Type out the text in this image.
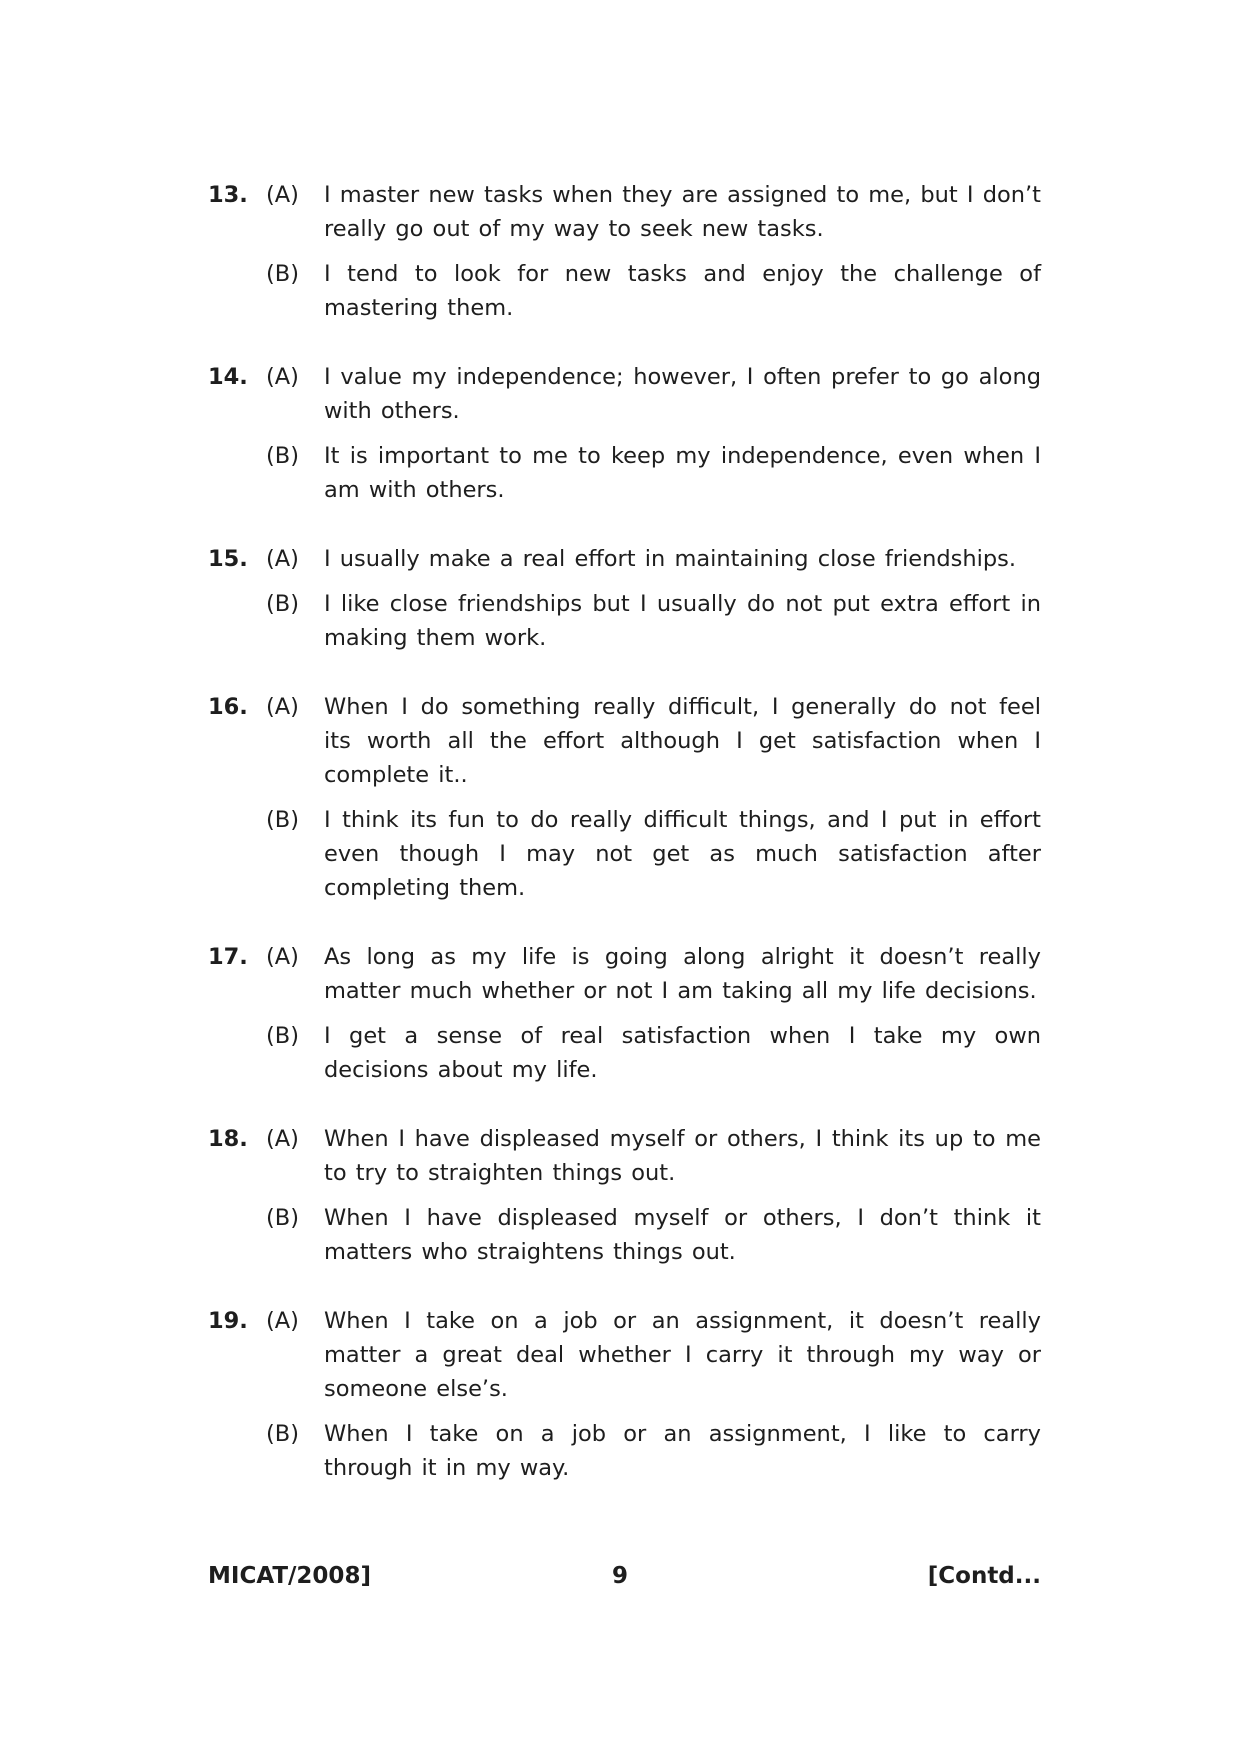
13. (A)	I master new tasks when they are assigned to me, but I don’t really go out of my way to seek new tasks.
(B)	I tend to look for new tasks and enjoy the challenge of mastering them.
14. (A)	I value my independence; however, I often prefer to go along with others.
(B)	It is important to me to keep my independence, even when I am with others.
15. (A)	I usually make a real effort in maintaining close friendships.
(B)	I like close friendships but I usually do not put extra effort in making them work.
16. (A)	When I do something really difficult, I generally do not feel its worth all the effort although I get satisfaction when I complete it..
(B)	I think its fun to do really difficult things, and I put in effort even though I may not get as much satisfaction after completing them.
17. (A)	As long as my life is going along alright it doesn’t really matter much whether or not I am taking all my life decisions.
(B)	I get a sense of real satisfaction when I take my own decisions about my life.
18. (A)	When I have displeased myself or others, I think its up to me to try to straighten things out.
(B)	When I have displeased myself or others, I don’t think it matters who straightens things out.
19. (A)	When I take on a job or an assignment, it doesn’t really matter a great deal whether I carry it through my way or someone else’s.
(B)	When I take on a job or an assignment, I like to carry through it in my way.
MICAT/2008]	9	[Contd...
